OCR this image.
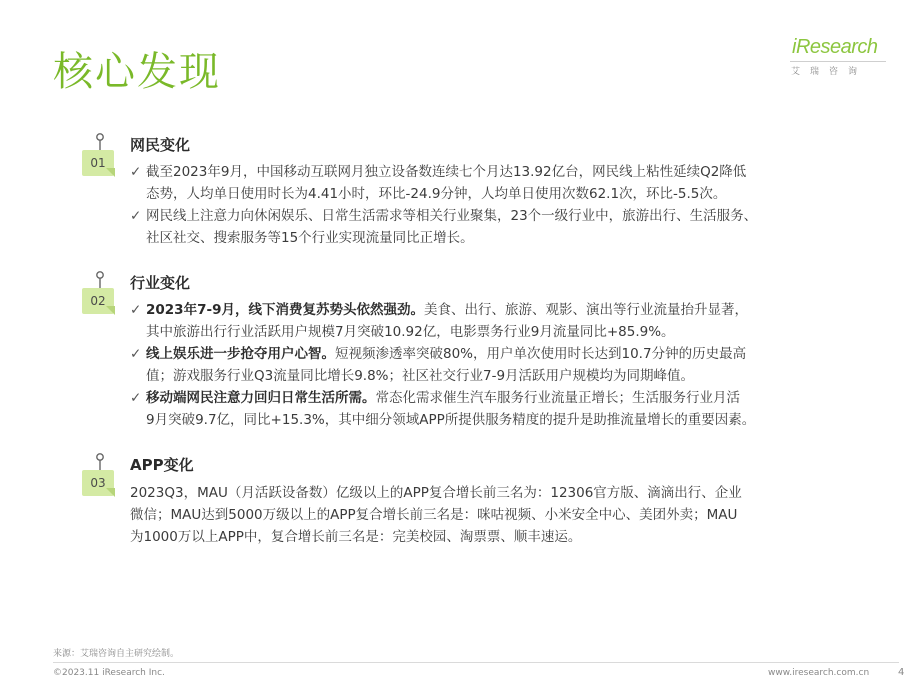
核心发现
iResearch
艾瑞咨询
01
网民变化
✓ 截至2023年9月，中国移动互联网月独立设备数连续七个月达13.92亿台，网民线上粘性延续Q2降低
态势，人均单日使用时长为4.41小时，环比-24.9分钟，人均单日使用次数62.1次，环比-5.5次。
✓ 网民线上注意力向休闲娱乐、日常生活需求等相关行业聚集，23个一级行业中，旅游出行、生活服务、
社区社交、搜索服务等15个行业实现流量同比正增长。
02
行业变化
✓ 2023年7-9月，线下消费复苏势头依然强劲。美食、出行、旅游、观影、演出等行业流量抬升显著，
其中旅游出行行业活跃用户规模7月突破10.92亿，电影票务行业9月流量同比+85.9%。
✓ 线上娱乐进一步抢夺用户心智。短视频渗透率突破80%，用户单次使用时长达到10.7分钟的历史最高
值；游戏服务行业Q3流量同比增长9.8%；社区社交行业7-9月活跃用户规模均为同期峰值。
✓ 移动端网民注意力回归日常生活所需。常态化需求催生汽车服务行业流量正增长；生活服务行业月活
9月突破9.7亿，同比+15.3%，其中细分领域APP所提供服务精度的提升是助推流量增长的重要因素。
03
APP变化
2023Q3，MAU（月活跃设备数）亿级以上的APP复合增长前三名为：12306官方版、滴滴出行、企业
微信；MAU达到5000万级以上的APP复合增长前三名是：咪咕视频、小米安全中心、美团外卖；MAU
为1000万以上APP中，复合增长前三名是：完美校园、淘票票、顺丰速运。
来源：艾瑞咨询自主研究绘制。
©2023.11 iResearch Inc.	www.iresearch.com.cn	4
